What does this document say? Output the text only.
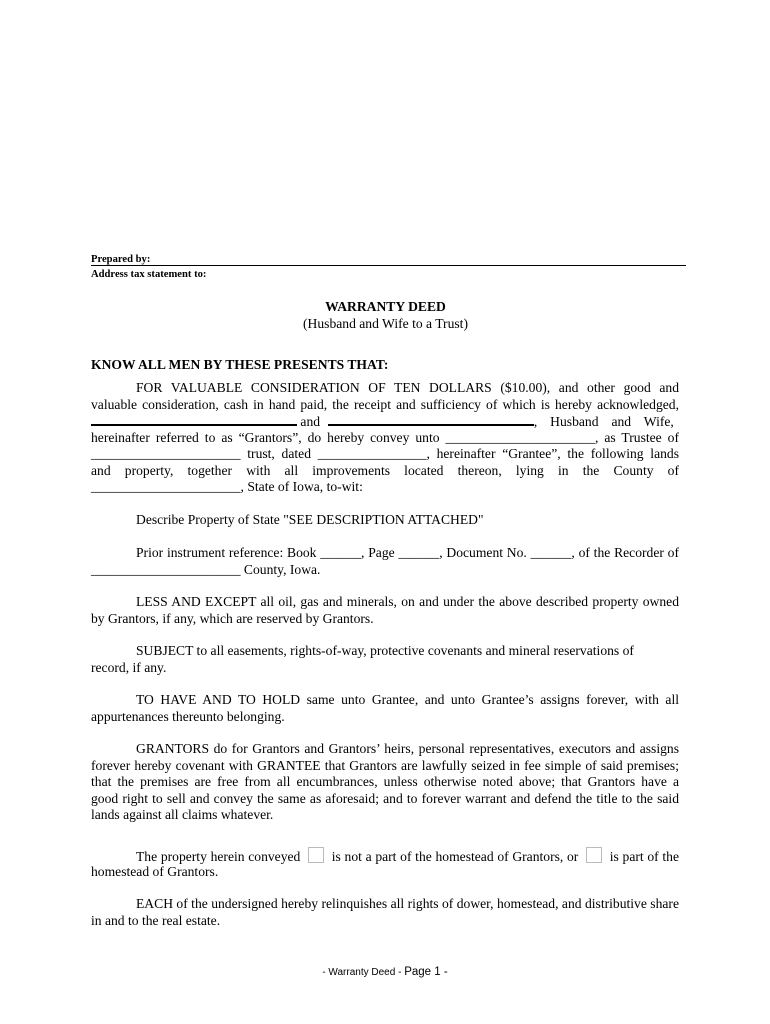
Prepared by:
Address tax statement to:
WARRANTY DEED
(Husband and Wife to a Trust)
KNOW ALL MEN BY THESE PRESENTS THAT:
FOR VALUABLE CONSIDERATION OF TEN DOLLARS ($10.00), and other good and
valuable consideration, cash in hand paid, the receipt and sufficiency of which is hereby acknowledged,
and	, Husband and Wife,
hereinafter referred to as “Grantors”, do hereby convey unto ______________________, as Trustee of
______________________ trust, dated ________________, hereinafter “Grantee”, the following lands
and property, together with all improvements located thereon, lying in the County of
______________________, State of Iowa, to-wit:
Describe Property of State "SEE DESCRIPTION ATTACHED"
Prior instrument reference: Book ______, Page ______, Document No. ______, of the Recorder of
______________________ County, Iowa.
LESS AND EXCEPT all oil, gas and minerals, on and under the above described property owned
by Grantors, if any, which are reserved by Grantors.
SUBJECT to all easements, rights-of-way, protective covenants and mineral reservations of
record, if any.
TO HAVE AND TO HOLD same unto Grantee, and unto Grantee’s assigns forever, with all
appurtenances thereunto belonging.
GRANTORS do for Grantors and Grantors’ heirs, personal representatives, executors and assigns
forever hereby covenant with GRANTEE that Grantors are lawfully seized in fee simple of said premises;
that the premises are free from all encumbrances, unless otherwise noted above; that Grantors have a
good right to sell and convey the same as aforesaid; and to forever warrant and defend the title to the said
lands against all claims whatever.
The property herein conveyed is not a part of the homestead of Grantors, or is part of the
homestead of Grantors.
EACH of the undersigned hereby relinquishes all rights of dower, homestead, and distributive share
in and to the real estate.
- Warranty Deed - Page 1 -
